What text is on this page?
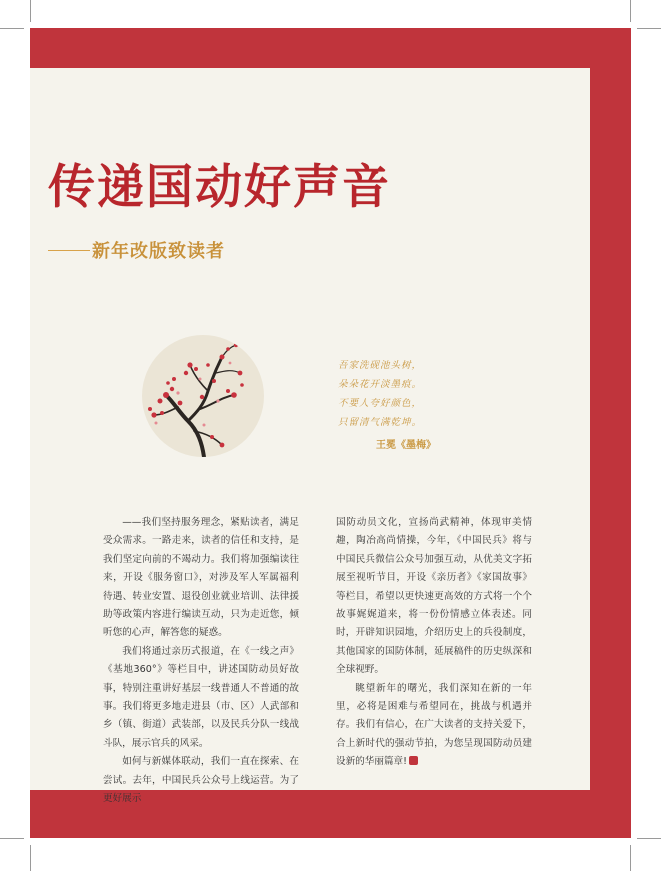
传递国动好声音
新年改版致读者
吾家洗砚池头树，
朵朵花开淡墨痕。
不要人夸好颜色，
只留清气满乾坤。
王冕《墨梅》

——我们坚持服务理念，紧贴读者，满足受众需求。一路走来，读者的信任和支持，是我们坚定向前的不竭动力。我们将加强编读往来，开设《服务窗口》，对涉及军人军属福利待遇、转业安置、退役创业就业培训、法律援助等政策内容进行编读互动，只为走近您，倾听您的心声，解答您的疑惑。

我们将通过亲历式报道，在《一线之声》《基地360°》等栏目中，讲述国防动员好故事，特别注重讲好基层一线普通人不普通的故事。我们将更多地走进县（市、区）人武部和乡（镇、街道）武装部，以及民兵分队一线战斗队，展示官兵的风采。

如何与新媒体联动，我们一直在探索、在尝试。去年，中国民兵公众号上线运营。为了更好展示

国防动员文化，宣扬尚武精神，体现审美情趣，陶冶高尚情操，今年，《中国民兵》将与中国民兵微信公众号加强互动，从优美文字拓展至视听节目，开设《亲历者》《家国故事》等栏目，希望以更快速更高效的方式将一个个故事娓娓道来，将一份份情感立体表述。同时，开辟知识园地，介绍历史上的兵役制度，其他国家的国防体制，延展稿件的历史纵深和全球视野。

眺望新年的曙光，我们深知在新的一年里，必将是困难与希望同在，挑战与机遇并存。我们有信心，在广大读者的支持关爱下，合上新时代的强动节拍，为您呈现国防动员建设新的华丽篇章!
